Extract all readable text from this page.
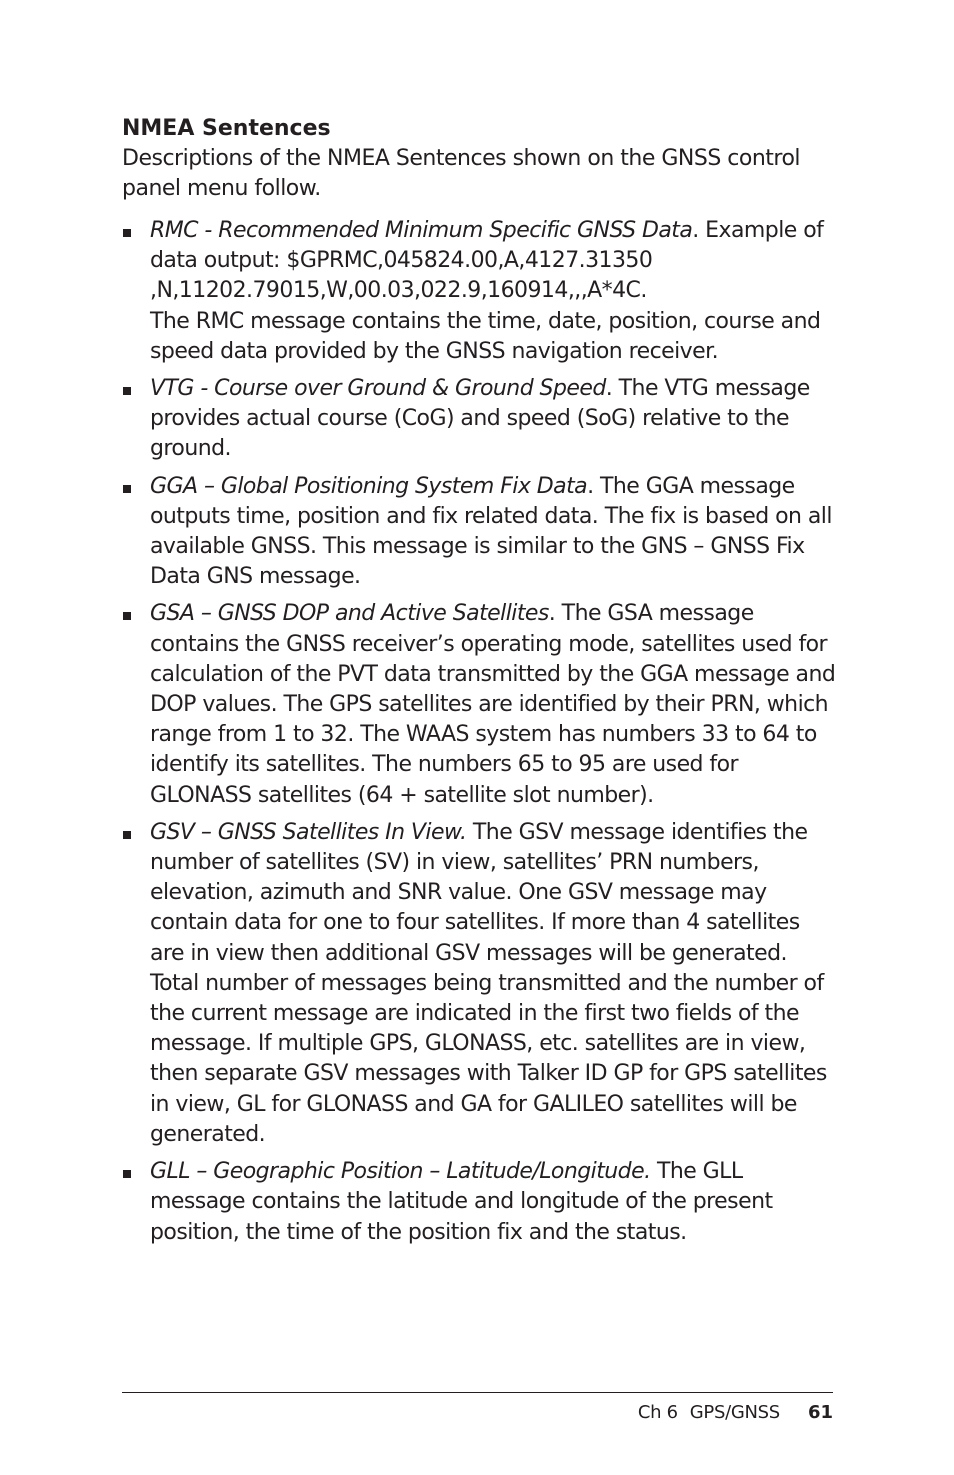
NMEA Sentences

Descriptions of the NMEA Sentences shown on the GNSS control panel menu follow.

RMC - Recommended Minimum Specific GNSS Data. Example of data output: $GPRMC,045824.00,A,4127.31350 ,N,11202.79015,W,00.03,022.9,160914,,,A*4C.
The RMC message contains the time, date, position, course and speed data provided by the GNSS navigation receiver.
VTG - Course over Ground & Ground Speed. The VTG message provides actual course (CoG) and speed (SoG) relative to the ground.
GGA – Global Positioning System Fix Data. The GGA message outputs time, position and fix related data. The fix is based on all available GNSS. This message is similar to the GNS – GNSS Fix Data GNS message.
GSA – GNSS DOP and Active Satellites. The GSA message contains the GNSS receiver’s operating mode, satellites used for calculation of the PVT data transmitted by the GGA message and DOP values. The GPS satellites are identified by their PRN, which range from 1 to 32. The WAAS system has numbers 33 to 64 to identify its satellites. The numbers 65 to 95 are used for GLONASS satellites (64 + satellite slot number).
GSV – GNSS Satellites In View. The GSV message identifies the number of satellites (SV) in view, satellites’ PRN numbers, elevation, azimuth and SNR value. One GSV message may contain data for one to four satellites. If more than 4 satellites are in view then additional GSV messages will be generated. Total number of messages being transmitted and the number of the current message are indicated in the first two fields of the message. If multiple GPS, GLONASS, etc. satellites are in view, then separate GSV messages with Talker ID GP for GPS satellites in view, GL for GLONASS and GA for GALILEO satellites will be generated.
GLL – Geographic Position – Latitude/Longitude. The GLL message contains the latitude and longitude of the present position, the time of the position fix and the status.
Ch 6 GPS/GNSS 61
